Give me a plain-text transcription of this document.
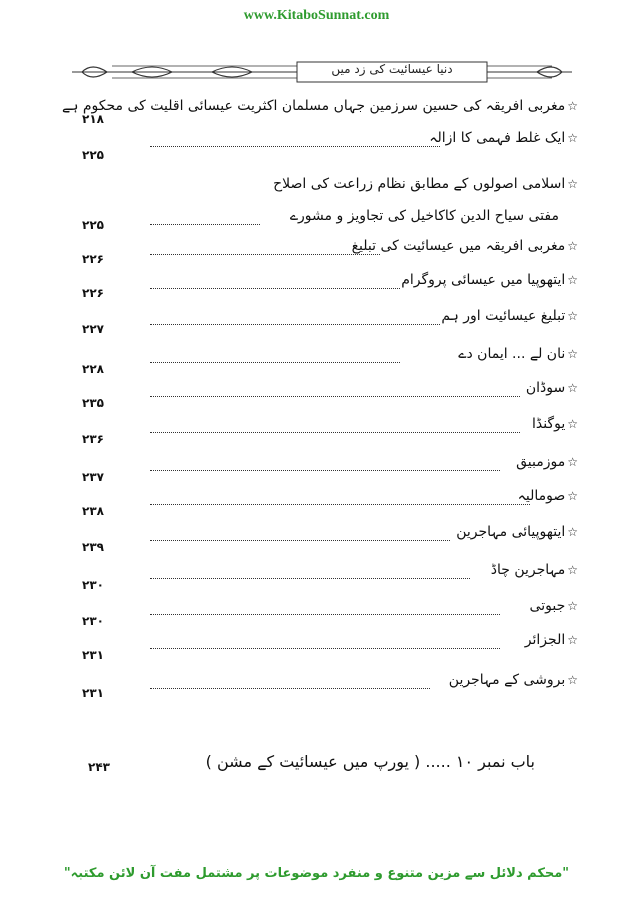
www.KitaboSunnat.com
دنیا عیسائیت کی زد میں
☆مغربی افریقہ کی حسین سرزمین جہاں مسلمان اکثریت عیسائی اقلیت کی محکوم ہے
۲۱۸
☆ایک غلط فہمی کا ازالہ
۲۲۵
☆اسلامی اصولوں کے مطابق نظام زراعت کی اصلاح
مفتی سیاح الدین کاکاخیل کی تجاویز و مشورے
۲۲۵
☆مغربی افریقہ میں عیسائیت کی تبلیغ
۲۲۶
☆ایتھوپیا میں عیسائی پروگرام
۲۲۶
☆تبلیغ عیسائیت اور ہم
۲۲۷
☆نان لے ... ایمان دے
۲۲۸
☆سوڈان
۲۳۵
☆یوگنڈا
۲۳۶
☆موزمبیق
۲۳۷
☆صومالیہ
۲۳۸
☆ایتھوپیائی مہاجرین
۲۳۹
☆مہاجرین چاڈ
۲۳۰
☆جبوتی
۲۳۰
☆الجزائر
۲۳۱
☆بروشی کے مہاجرین
۲۳۱
باب نمبر ۱۰ ..... ( یورپ میں عیسائیت کے مشن )
۲۴۳
"محکم دلائل سے مزین متنوع و منفرد موضوعات پر مشتمل مفت آن لائن مکتبہ"
